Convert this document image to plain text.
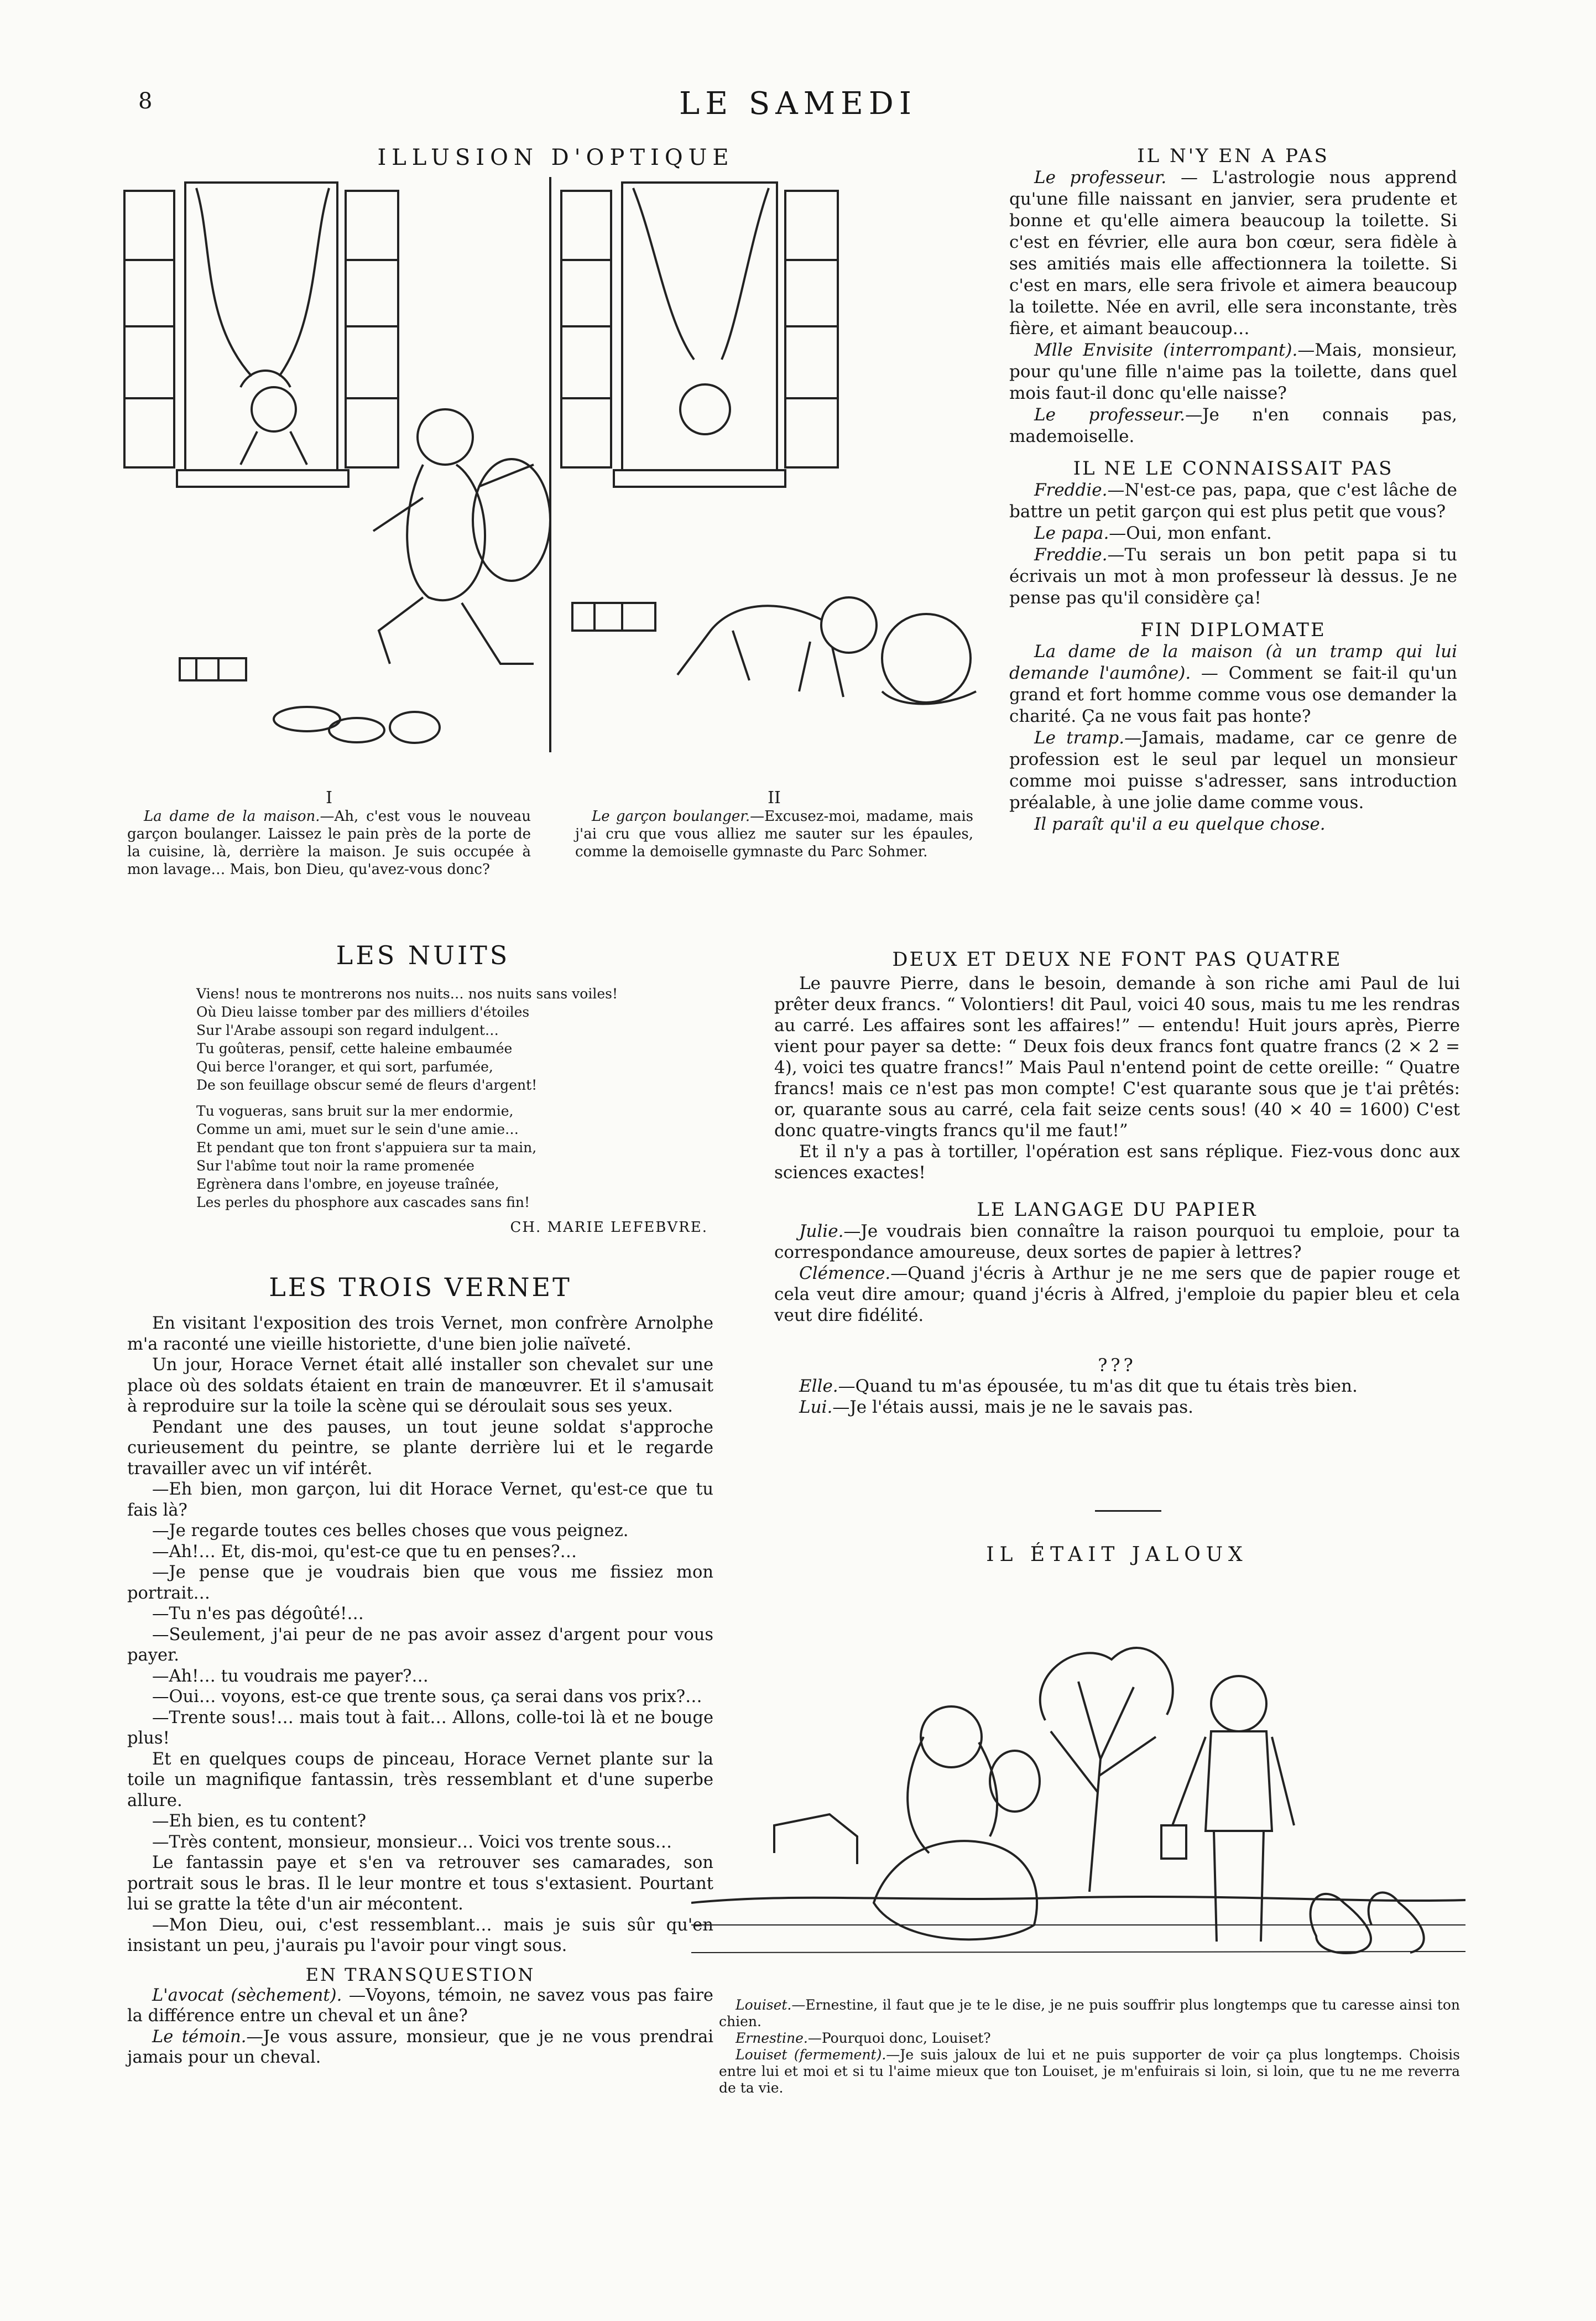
8	LE SAMEDI
ILLUSION D'OPTIQUE
I

La dame de la maison.—Ah, c'est vous le nouveau garçon boulanger. Laissez le pain près de la porte de la cuisine, là, derrière la maison. Je suis occupée à mon lavage… Mais, bon Dieu, qu'avez-vous donc?

II

Le garçon boulanger.—Excusez-moi, madame, mais j'ai cru que vous alliez me sauter sur les épaules, comme la demoiselle gymnaste du Parc Sohmer.

IL N'Y EN A PAS

Le professeur. — L'astrologie nous apprend qu'une fille naissant en janvier, sera prudente et bonne et qu'elle aimera beaucoup la toilette. Si c'est en février, elle aura bon cœur, sera fidèle à ses amitiés mais elle affectionnera la toilette. Si c'est en mars, elle sera frivole et aimera beaucoup la toilette. Née en avril, elle sera inconstante, très fière, et aimant beaucoup…

Mlle Envisite (interrompant).—Mais, monsieur, pour qu'une fille n'aime pas la toilette, dans quel mois faut-il donc qu'elle naisse?

Le professeur.—Je n'en connais pas, mademoiselle.

IL NE LE CONNAISSAIT PAS

Freddie.—N'est-ce pas, papa, que c'est lâche de battre un petit garçon qui est plus petit que vous?

Le papa.—Oui, mon enfant.

Freddie.—Tu serais un bon petit papa si tu écrivais un mot à mon professeur là dessus. Je ne pense pas qu'il considère ça!

FIN DIPLOMATE

La dame de la maison (à un tramp qui lui demande l'aumône). — Comment se fait-il qu'un grand et fort homme comme vous ose demander la charité. Ça ne vous fait pas honte?

Le tramp.—Jamais, madame, car ce genre de profession est le seul par lequel un monsieur comme moi puisse s'adresser, sans introduction préalable, à une jolie dame comme vous.

Il paraît qu'il a eu quelque chose.

LES NUITS
Viens! nous te montrerons nos nuits… nos nuits sans voiles!
Où Dieu laisse tomber par des milliers d'étoiles
Sur l'Arabe assoupi son regard indulgent…
Tu goûteras, pensif, cette haleine embaumée
Qui berce l'oranger, et qui sort, parfumée,
De son feuillage obscur semé de fleurs d'argent!
Tu vogueras, sans bruit sur la mer endormie,
Comme un ami, muet sur le sein d'une amie…
Et pendant que ton front s'appuiera sur ta main,
Sur l'abîme tout noir la rame promenée
Egrènera dans l'ombre, en joyeuse traînée,
Les perles du phosphore aux cascades sans fin!
CH. MARIE LEFEBVRE.
LES TROIS VERNET

En visitant l'exposition des trois Vernet, mon confrère Arnolphe m'a raconté une vieille historiette, d'une bien jolie naïveté.

Un jour, Horace Vernet était allé installer son chevalet sur une place où des soldats étaient en train de manœuvrer. Et il s'amusait à reproduire sur la toile la scène qui se déroulait sous ses yeux.

Pendant une des pauses, un tout jeune soldat s'approche curieusement du peintre, se plante derrière lui et le regarde travailler avec un vif intérêt.

—Eh bien, mon garçon, lui dit Horace Vernet, qu'est-ce que tu fais là?

—Je regarde toutes ces belles choses que vous peignez.

—Ah!… Et, dis-moi, qu'est-ce que tu en penses?…

—Je pense que je voudrais bien que vous me fissiez mon portrait…

—Tu n'es pas dégoûté!…

—Seulement, j'ai peur de ne pas avoir assez d'argent pour vous payer.

—Ah!… tu voudrais me payer?…

—Oui… voyons, est-ce que trente sous, ça serai dans vos prix?…

—Trente sous!… mais tout à fait… Allons, colle-toi là et ne bouge plus!

Et en quelques coups de pinceau, Horace Vernet plante sur la toile un magnifique fantassin, très ressemblant et d'une superbe allure.

—Eh bien, es tu content?

—Très content, monsieur, monsieur… Voici vos trente sous…

Le fantassin paye et s'en va retrouver ses camarades, son portrait sous le bras. Il le leur montre et tous s'extasient. Pourtant lui se gratte la tête d'un air mécontent.

—Mon Dieu, oui, c'est ressemblant… mais je suis sûr qu'en insistant un peu, j'aurais pu l'avoir pour vingt sous.

EN TRANSQUESTION

L'avocat (sèchement). —Voyons, témoin, ne savez vous pas faire la différence entre un cheval et un âne?

Le témoin.—Je vous assure, monsieur, que je ne vous prendrai jamais pour un cheval.

DEUX ET DEUX NE FONT PAS QUATRE

Le pauvre Pierre, dans le besoin, demande à son riche ami Paul de lui prêter deux francs. “ Volontiers! dit Paul, voici 40 sous, mais tu me les rendras au carré. Les affaires sont les affaires!” — entendu! Huit jours après, Pierre vient pour payer sa dette: “ Deux fois deux francs font quatre francs (2 × 2 = 4), voici tes quatre francs!” Mais Paul n'entend point de cette oreille: “ Quatre francs! mais ce n'est pas mon compte! C'est quarante sous que je t'ai prêtés: or, quarante sous au carré, cela fait seize cents sous! (40 × 40 = 1600) C'est donc quatre-vingts francs qu'il me faut!”

Et il n'y a pas à tortiller, l'opération est sans réplique. Fiez-vous donc aux sciences exactes!

LE LANGAGE DU PAPIER

Julie.—Je voudrais bien connaître la raison pourquoi tu emploie, pour ta correspondance amoureuse, deux sortes de papier à lettres?

Clémence.—Quand j'écris à Arthur je ne me sers que de papier rouge et cela veut dire amour; quand j'écris à Alfred, j'emploie du papier bleu et cela veut dire fidélité.

???

Elle.—Quand tu m'as épousée, tu m'as dit que tu étais très bien.

Lui.—Je l'étais aussi, mais je ne le savais pas.

IL ÉTAIT JALOUX

Louiset.—Ernestine, il faut que je te le dise, je ne puis souffrir plus longtemps que tu caresse ainsi ton chien.

Ernestine.—Pourquoi donc, Louiset?

Louiset (fermement).—Je suis jaloux de lui et ne puis supporter de voir ça plus longtemps. Choisis entre lui et moi et si tu l'aime mieux que ton Louiset, je m'enfuirais si loin, si loin, que tu ne me reverra de ta vie.
